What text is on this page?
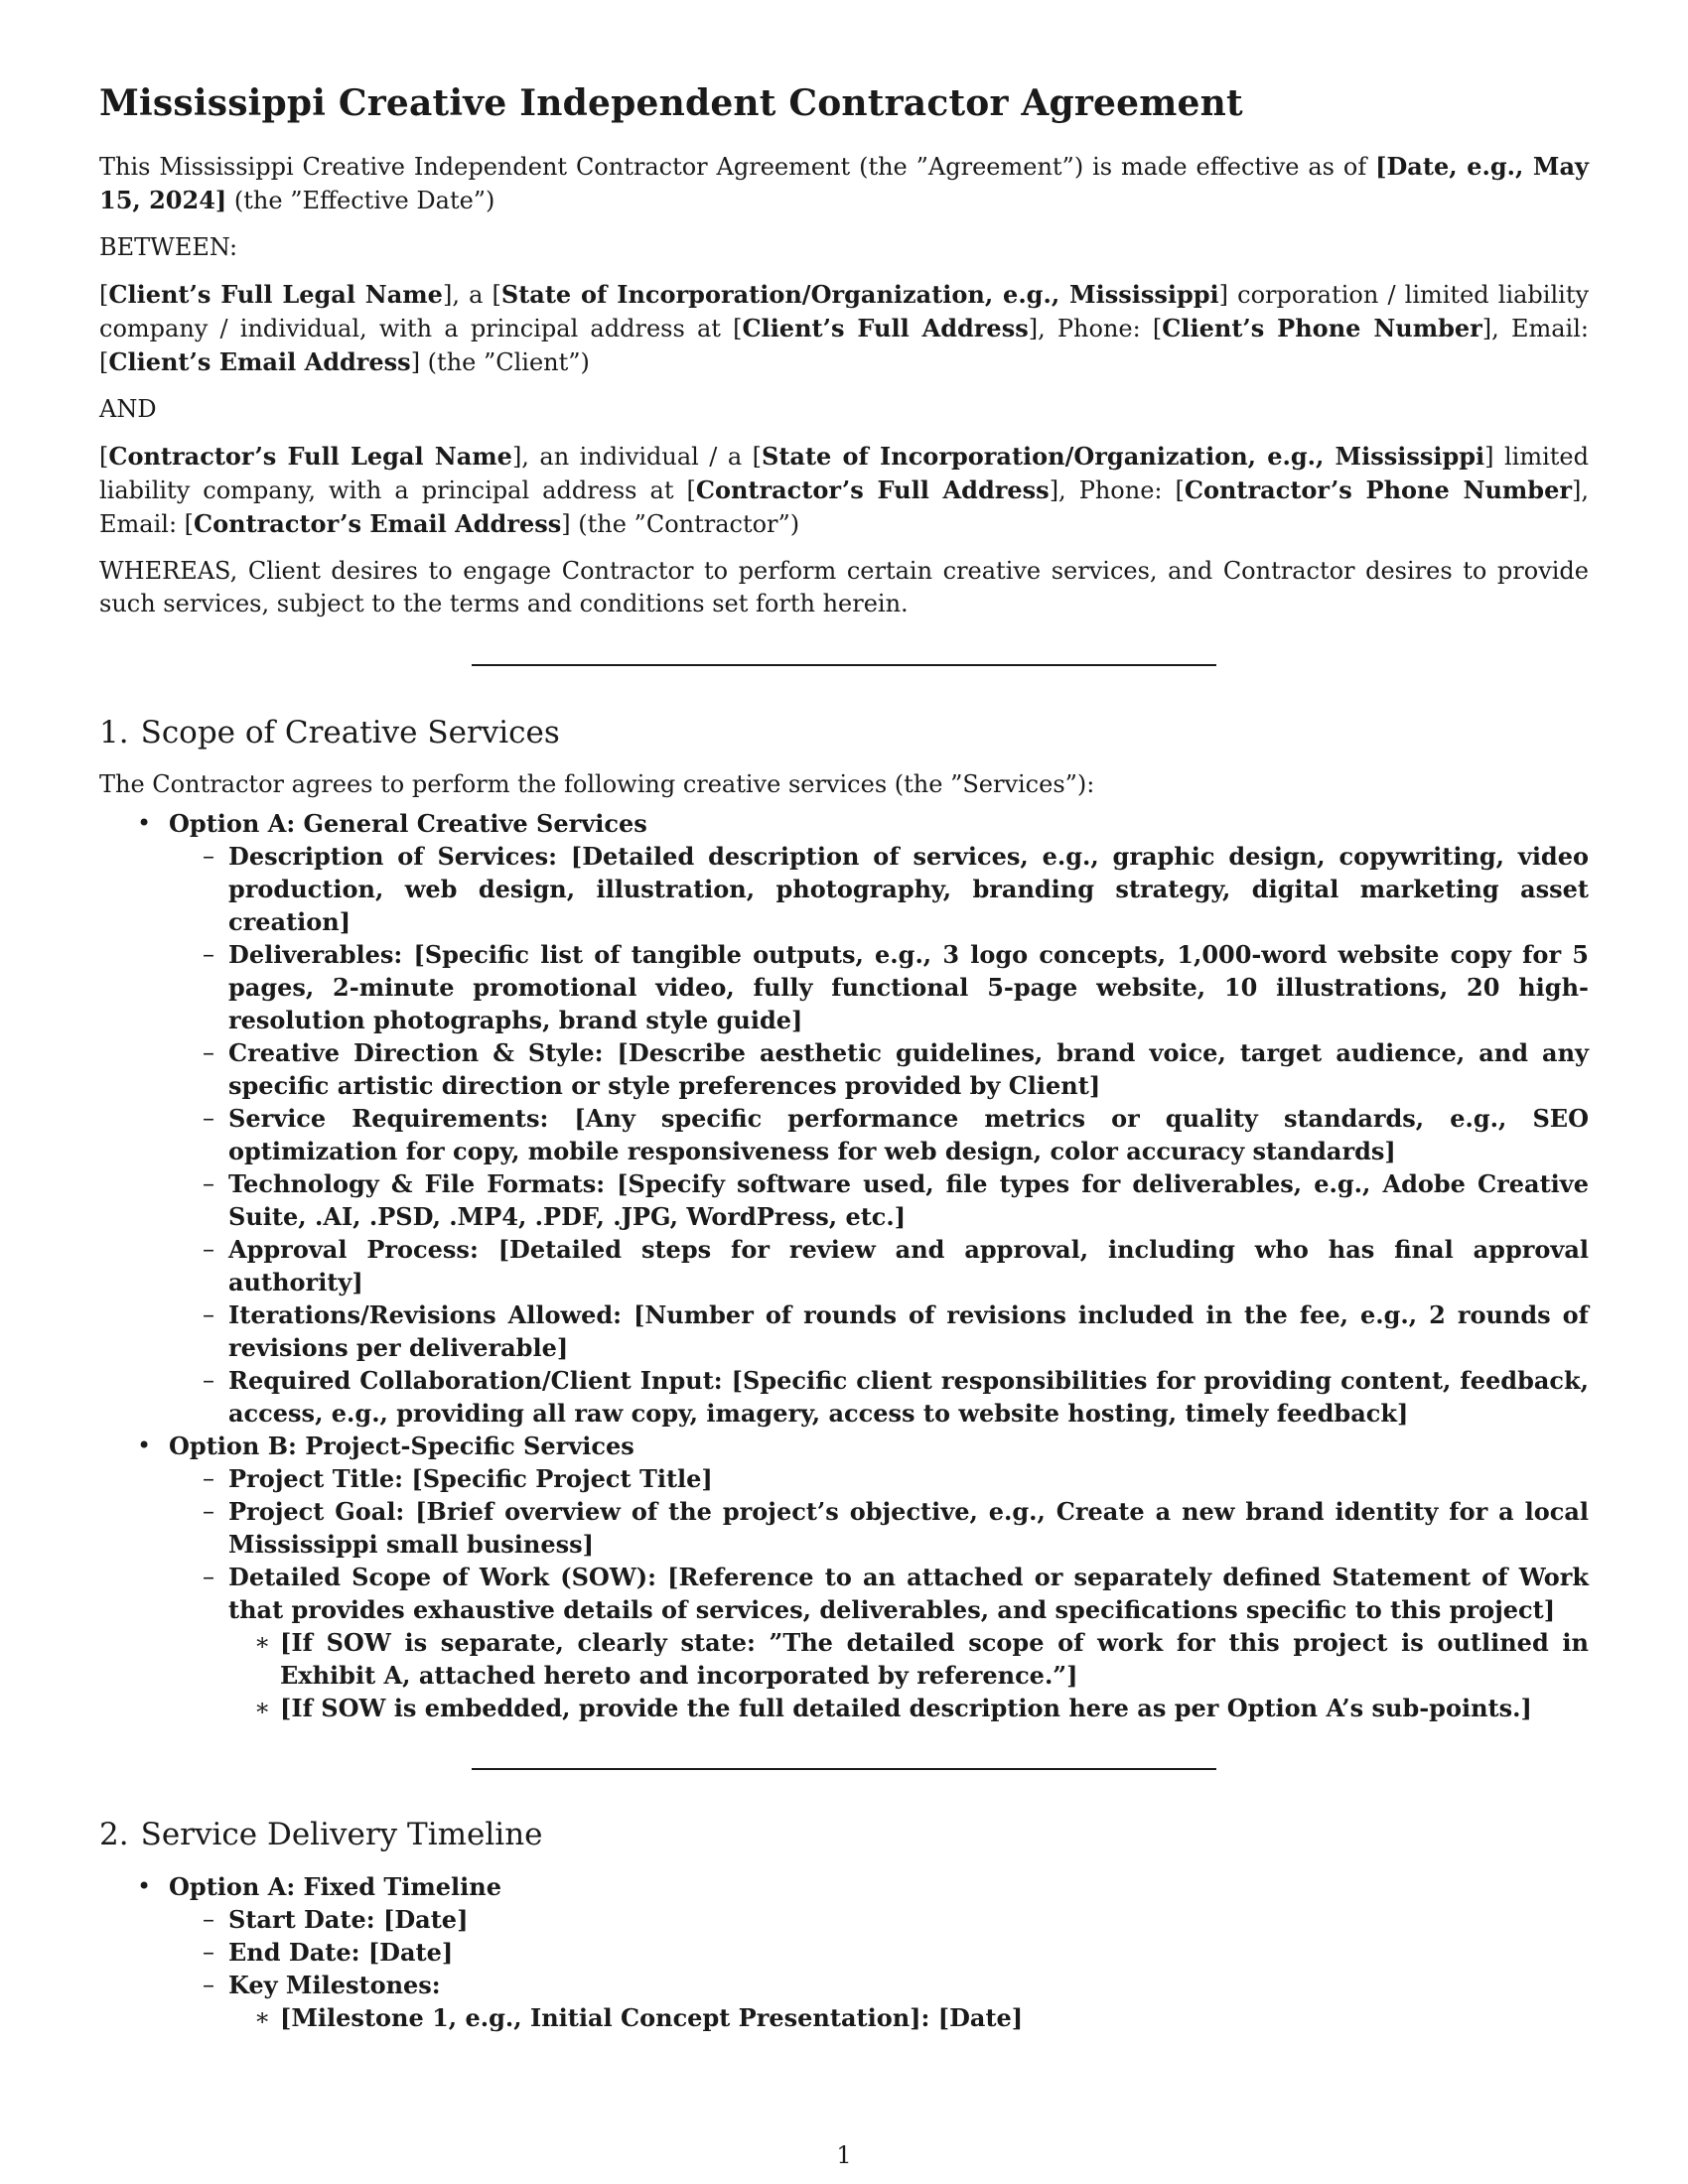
Mississippi Creative Independent Contractor Agreement

This Mississippi Creative Independent Contractor Agreement (the ”Agreement”) is made effective as of [Date, e.g., May 15, 2024] (the ”Effective Date”)

BETWEEN:

[Client’s Full Legal Name], a [State of Incorporation/Organization, e.g., Mississippi] corporation / limited liability company / individual, with a principal address at [Client’s Full Address], Phone: [Client’s Phone Number], Email: [Client’s Email Address] (the ”Client”)

AND

[Contractor’s Full Legal Name], an individual / a [State of Incorporation/Organization, e.g., Mississippi] limited liability company, with a principal address at [Contractor’s Full Address], Phone: [Contractor’s Phone Number], Email: [Contractor’s Email Address] (the ”Contractor”)

WHEREAS, Client desires to engage Contractor to perform certain creative services, and Contractor desires to provide such services, subject to the terms and conditions set forth herein.

1. Scope of Creative Services

The Contractor agrees to perform the following creative services (the ”Services”):

• Option A: General Creative Services
– Description of Services: [Detailed description of services, e.g., graphic design, copywriting, video production, web design, illustration, photography, branding strategy, digital marketing asset creation]
– Deliverables: [Specific list of tangible outputs, e.g., 3 logo concepts, 1,000-word website copy for 5 pages, 2-minute promotional video, fully functional 5-page website, 10 illustrations, 20 high-resolution photographs, brand style guide]
– Creative Direction & Style: [Describe aesthetic guidelines, brand voice, target audience, and any specific artistic direction or style preferences provided by Client]
– Service Requirements: [Any specific performance metrics or quality standards, e.g., SEO optimization for copy, mobile responsiveness for web design, color accuracy standards]
– Technology & File Formats: [Specify software used, file types for deliverables, e.g., Adobe Creative Suite, .AI, .PSD, .MP4, .PDF, .JPG, WordPress, etc.]
– Approval Process: [Detailed steps for review and approval, including who has final approval authority]
– Iterations/Revisions Allowed: [Number of rounds of revisions included in the fee, e.g., 2 rounds of revisions per deliverable]
– Required Collaboration/Client Input: [Specific client responsibilities for providing content, feedback, access, e.g., providing all raw copy, imagery, access to website hosting, timely feedback]
• Option B: Project-Specific Services
– Project Title: [Specific Project Title]
– Project Goal: [Brief overview of the project’s objective, e.g., Create a new brand identity for a local Mississippi small business]
– Detailed Scope of Work (SOW): [Reference to an attached or separately defined Statement of Work that provides exhaustive details of services, deliverables, and specifications specific to this project]
∗ [If SOW is separate, clearly state: ”The detailed scope of work for this project is outlined in Exhibit A, attached hereto and incorporated by reference.”]
∗ [If SOW is embedded, provide the full detailed description here as per Option A’s sub-points.]
2. Service Delivery Timeline
• Option A: Fixed Timeline
– Start Date: [Date]
– End Date: [Date]
– Key Milestones:
∗ [Milestone 1, e.g., Initial Concept Presentation]: [Date]
1
